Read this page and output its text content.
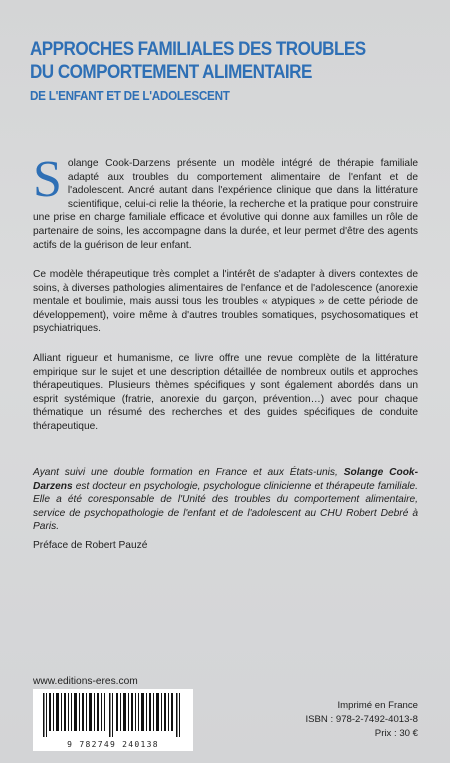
APPROCHES FAMILIALES DES TROUBLES
DU COMPORTEMENT ALIMENTAIRE
DE L'ENFANT ET DE L'ADOLESCENT
Solange Cook-Darzens présente un modèle intégré de thérapie familiale adapté aux troubles du comportement alimentaire de l'enfant et de l'adolescent. Ancré autant dans l'expérience clinique que dans la littérature scientifique, celui-ci relie la théorie, la recherche et la pratique pour construire une prise en charge familiale efficace et évolutive qui donne aux familles un rôle de partenaire de soins, les accompagne dans la durée, et leur permet d'être des agents actifs de la guérison de leur enfant.
Ce modèle thérapeutique très complet a l'intérêt de s'adapter à divers contextes de soins, à diverses pathologies alimentaires de l'enfance et de l'adolescence (anorexie mentale et boulimie, mais aussi tous les troubles « atypiques » de cette période de développement), voire même à d'autres troubles somatiques, psychosomatiques et psychiatriques.
Alliant rigueur et humanisme, ce livre offre une revue complète de la littérature empirique sur le sujet et une description détaillée de nombreux outils et approches thérapeutiques. Plusieurs thèmes spécifiques y sont également abordés dans un esprit systémique (fratrie, anorexie du garçon, prévention…) avec pour chaque thématique un résumé des recherches et des guides spécifiques de conduite thérapeutique.
Ayant suivi une double formation en France et aux États-unis, Solange Cook-Darzens est docteur en psychologie, psychologue clinicienne et thérapeute familiale. Elle a été coresponsable de l'Unité des troubles du comportement alimentaire, service de psychopathologie de l'enfant et de l'adolescent au CHU Robert Debré à Paris.
Préface de Robert Pauzé
www.editions-eres.com
9 782749 240138
Imprimé en France
ISBN : 978-2-7492-4013-8
Prix : 30 €
